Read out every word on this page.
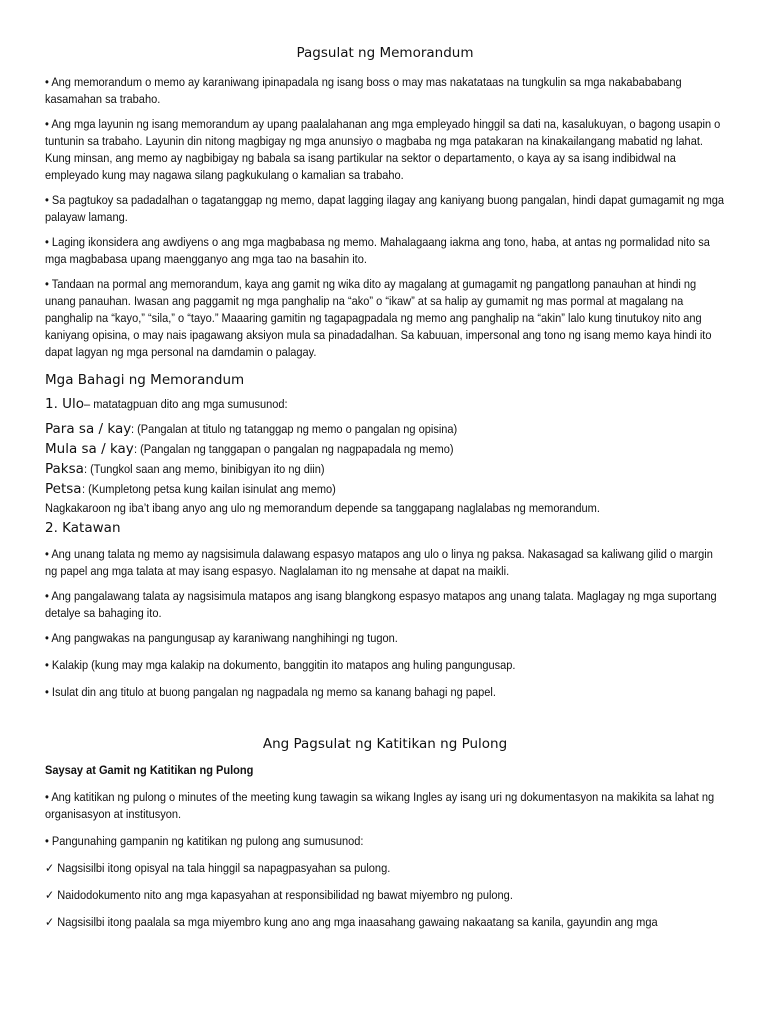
Pagsulat ng Memorandum

• Ang memorandum o memo ay karaniwang ipinapadala ng isang boss o may mas nakatataas na tungkulin sa mga nakabababang kasamahan sa trabaho.

• Ang mga layunin ng isang memorandum ay upang paalalahanan ang mga empleyado hinggil sa dati na, kasalukuyan, o bagong usapin o tuntunin sa trabaho. Layunin din nitong magbigay ng mga anunsiyo o magbaba ng mga patakaran na kinakailangang mabatid ng lahat. Kung minsan, ang memo ay nagbibigay ng babala sa isang partikular na sektor o departamento, o kaya ay sa isang indibidwal na empleyado kung may nagawa silang pagkukulang o kamalian sa trabaho.

• Sa pagtukoy sa padadalhan o tagatanggap ng memo, dapat lagging ilagay ang kaniyang buong pangalan, hindi dapat gumagamit ng mga palayaw lamang.

• Laging ikonsidera ang awdiyens o ang mga magbabasa ng memo. Mahalagaang iakma ang tono, haba, at antas ng pormalidad nito sa mga magbabasa upang maengganyo ang mga tao na basahin ito.

• Tandaan na pormal ang memorandum, kaya ang gamit ng wika dito ay magalang at gumagamit ng pangatlong panauhan at hindi ng unang panauhan. Iwasan ang paggamit ng mga panghalip na “ako” o “ikaw” at sa halip ay gumamit ng mas pormal at magalang na panghalip na “kayo,” “sila,” o “tayo.” Maaaring gamitin ng tagapagpadala ng memo ang panghalip na “akin” lalo kung tinutukoy nito ang kaniyang opisina, o may nais ipagawang aksiyon mula sa pinadadalhan. Sa kabuuan, impersonal ang tono ng isang memo kaya hindi ito dapat lagyan ng mga personal na damdamin o palagay.

Mga Bahagi ng Memorandum
1. Ulo– matatagpuan dito ang mga sumusunod:
Para sa / kay: (Pangalan at titulo ng tatanggap ng memo o pangalan ng opisina)
Mula sa / kay: (Pangalan ng tanggapan o pangalan ng nagpapadala ng memo)
Paksa: (Tungkol saan ang memo, binibigyan ito ng diin)
Petsa: (Kumpletong petsa kung kailan isinulat ang memo)
Nagkakaroon ng iba’t ibang anyo ang ulo ng memorandum depende sa tanggapang naglalabas ng memorandum.
2. Katawan

• Ang unang talata ng memo ay nagsisimula dalawang espasyo matapos ang ulo o linya ng paksa. Nakasagad sa kaliwang gilid o margin ng papel ang mga talata at may isang espasyo. Naglalaman ito ng mensahe at dapat na maikli.

• Ang pangalawang talata ay nagsisimula matapos ang isang blangkong espasyo matapos ang unang talata. Maglagay ng mga suportang detalye sa bahaging ito.

• Ang pangwakas na pangungusap ay karaniwang nanghihingi ng tugon.

• Kalakip (kung may mga kalakip na dokumento, banggitin ito matapos ang huling pangungusap.

• Isulat din ang titulo at buong pangalan ng nagpadala ng memo sa kanang bahagi ng papel.

Ang Pagsulat ng Katitikan ng Pulong

Saysay at Gamit ng Katitikan ng Pulong

• Ang katitikan ng pulong o minutes of the meeting kung tawagin sa wikang Ingles ay isang uri ng dokumentasyon na makikita sa lahat ng organisasyon at institusyon.

• Pangunahing gampanin ng katitikan ng pulong ang sumusunod:

✓ Nagsisilbi itong opisyal na tala hinggil sa napagpasyahan sa pulong.

✓ Naidodokumento nito ang mga kapasyahan at responsibilidad ng bawat miyembro ng pulong.

✓ Nagsisilbi itong paalala sa mga miyembro kung ano ang mga inaasahang gawaing nakaatang sa kanila, gayundin ang mga
